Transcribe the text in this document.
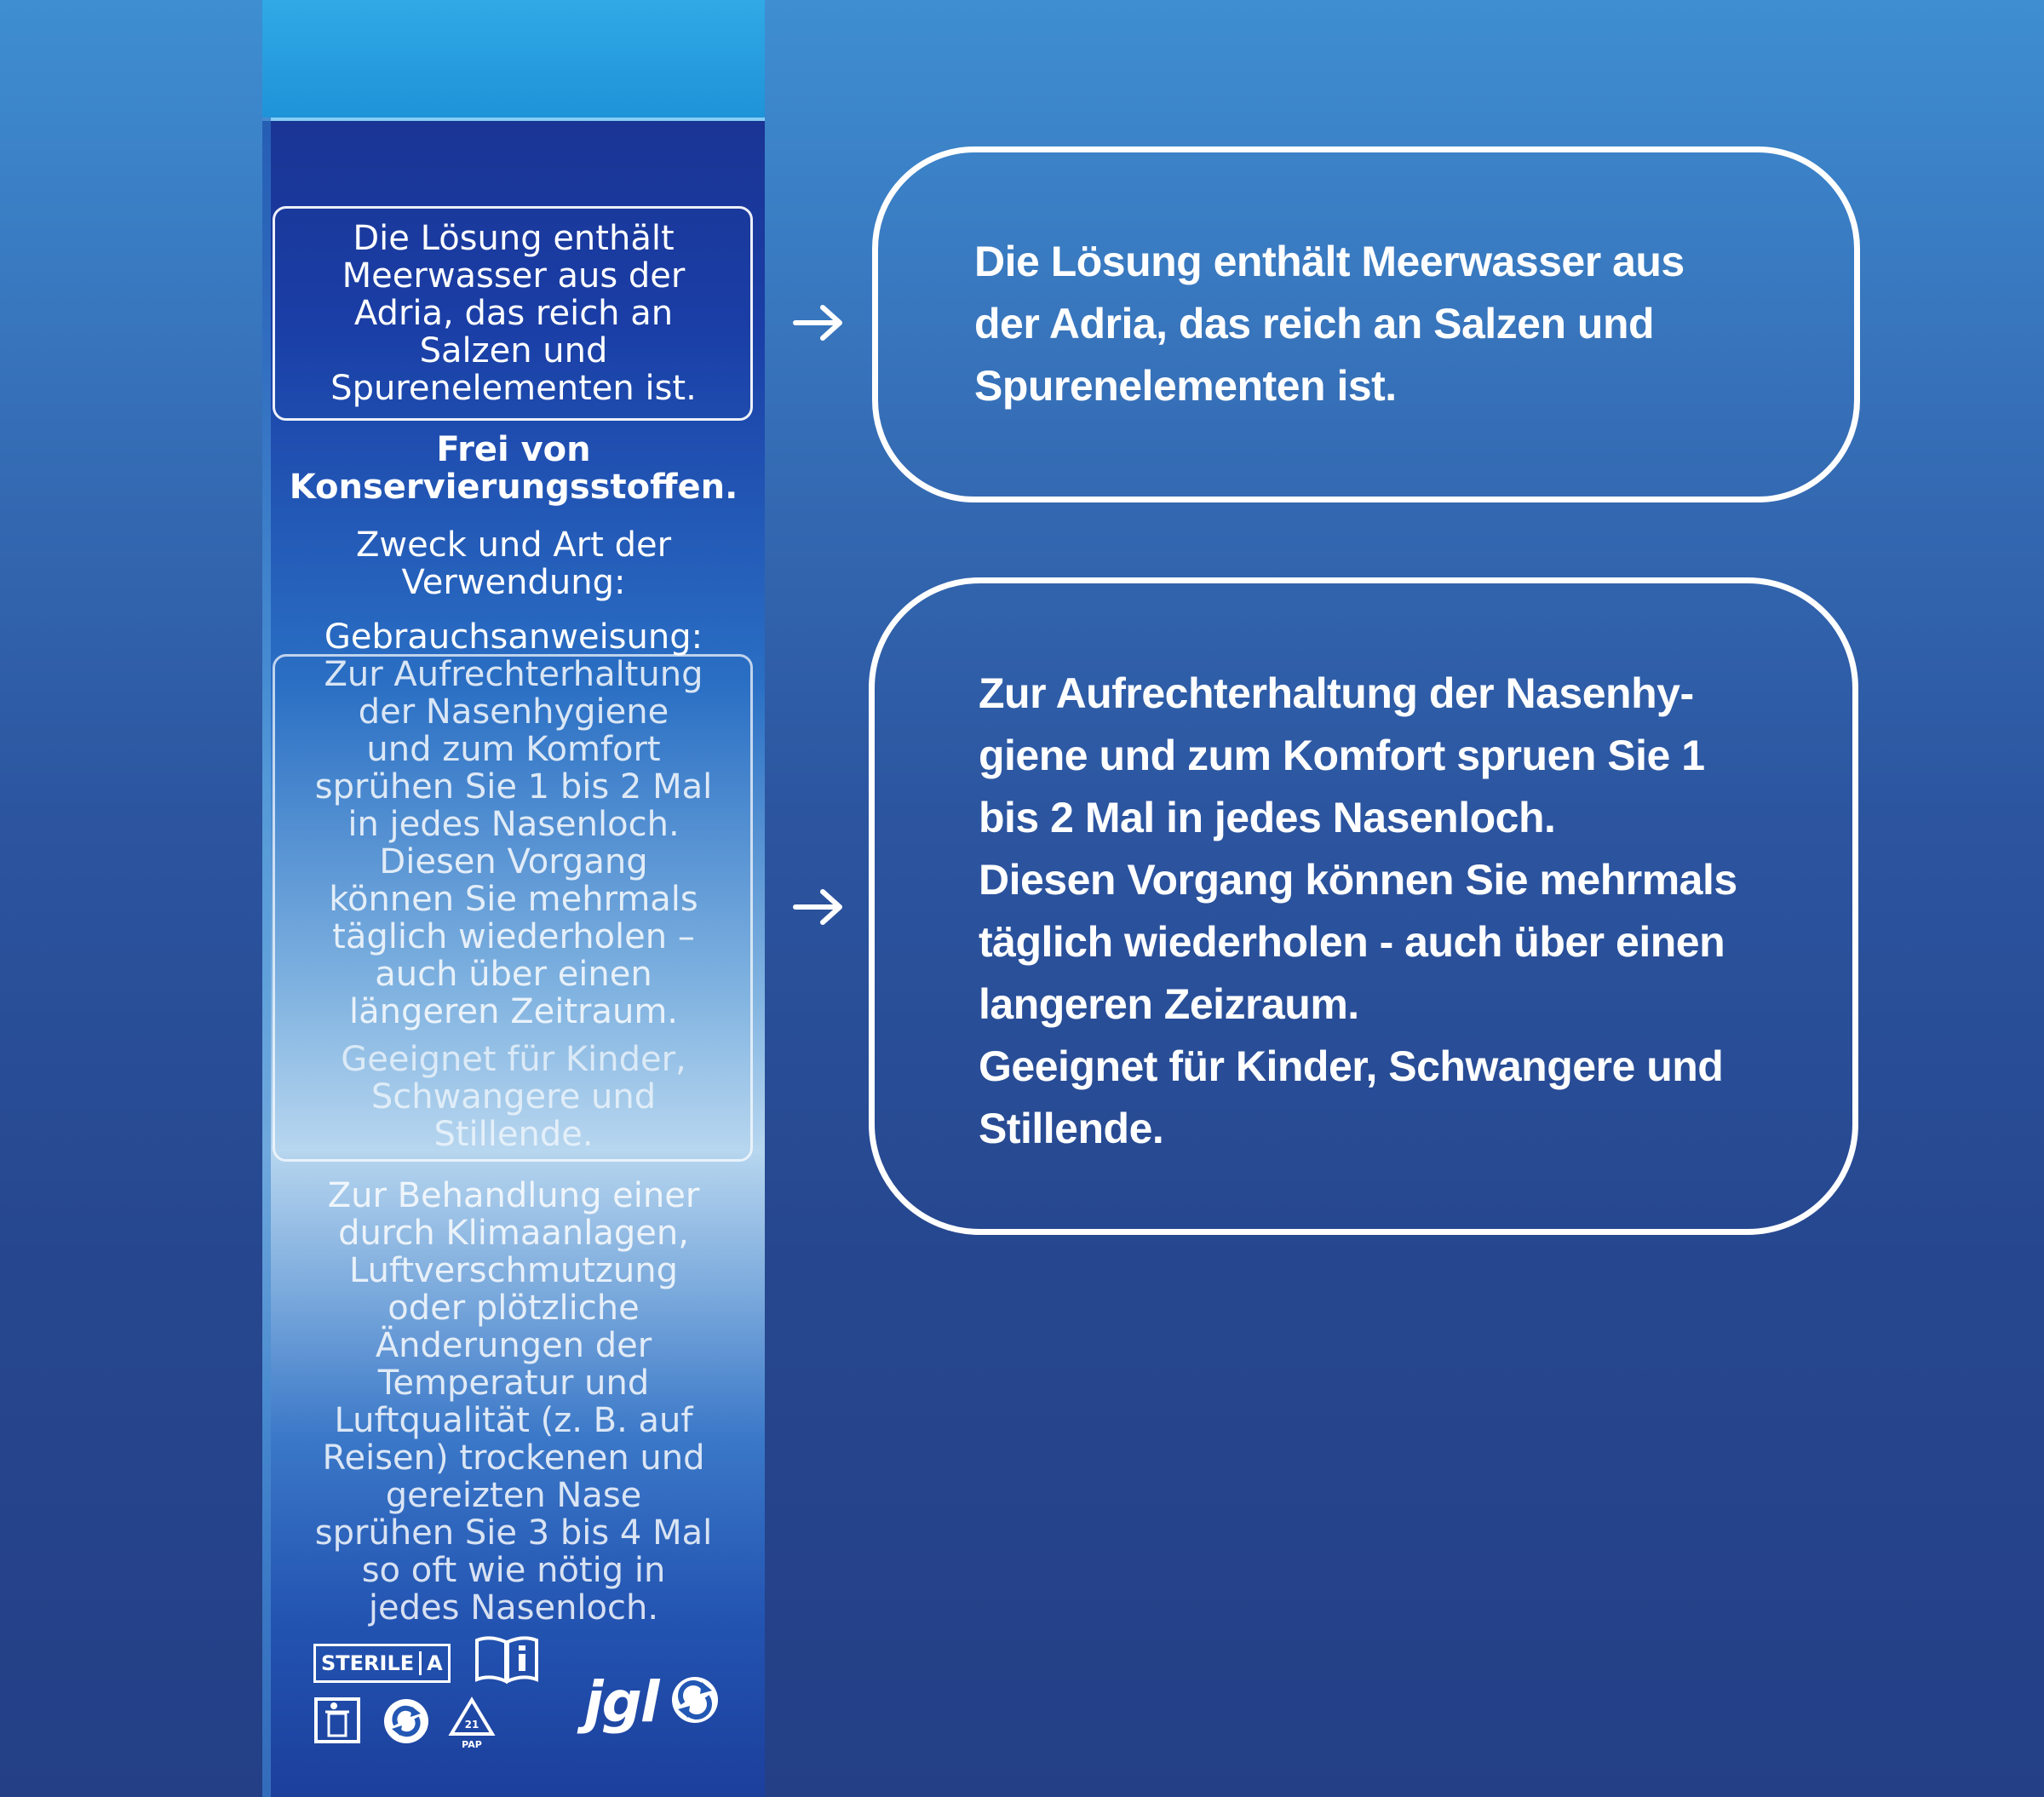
Die Lösung enthält
Meerwasser aus der
Adria, das reich an
Salzen und
Spurenelementen ist.
Frei von
Konservierungsstoffen.
Zweck und Art der
Verwendung:
Gebrauchsanweisung:
Zur Aufrechterhaltung
der Nasenhygiene
und zum Komfort
sprühen Sie 1 bis 2 Mal
in jedes Nasenloch.
Diesen Vorgang
können Sie mehrmals
täglich wiederholen –
auch über einen
längeren Zeitraum.
Geeignet für Kinder,
Schwangere und
Stillende.
Zur Behandlung einer
durch Klimaanlagen,
Luftverschmutzung
oder plötzliche
Änderungen der
Temperatur und
Luftqualität (z. B. auf
Reisen) trockenen und
gereizten Nase
sprühen Sie 3 bis 4 Mal
so oft wie nötig in
jedes Nasenloch.
STERILE A
21
PAP
jgl
Die Lösung enthält Meerwasser aus
der Adria, das reich an Salzen und
Spurenelementen ist.
Zur Aufrechterhaltung der Nasenhy-
giene und zum Komfort spruen Sie 1
bis 2 Mal in jedes Nasenloch.
Diesen Vorgang können Sie mehrmals
täglich wiederholen - auch über einen
langeren Zeizraum.
Geeignet für Kinder, Schwangere und
Stillende.
